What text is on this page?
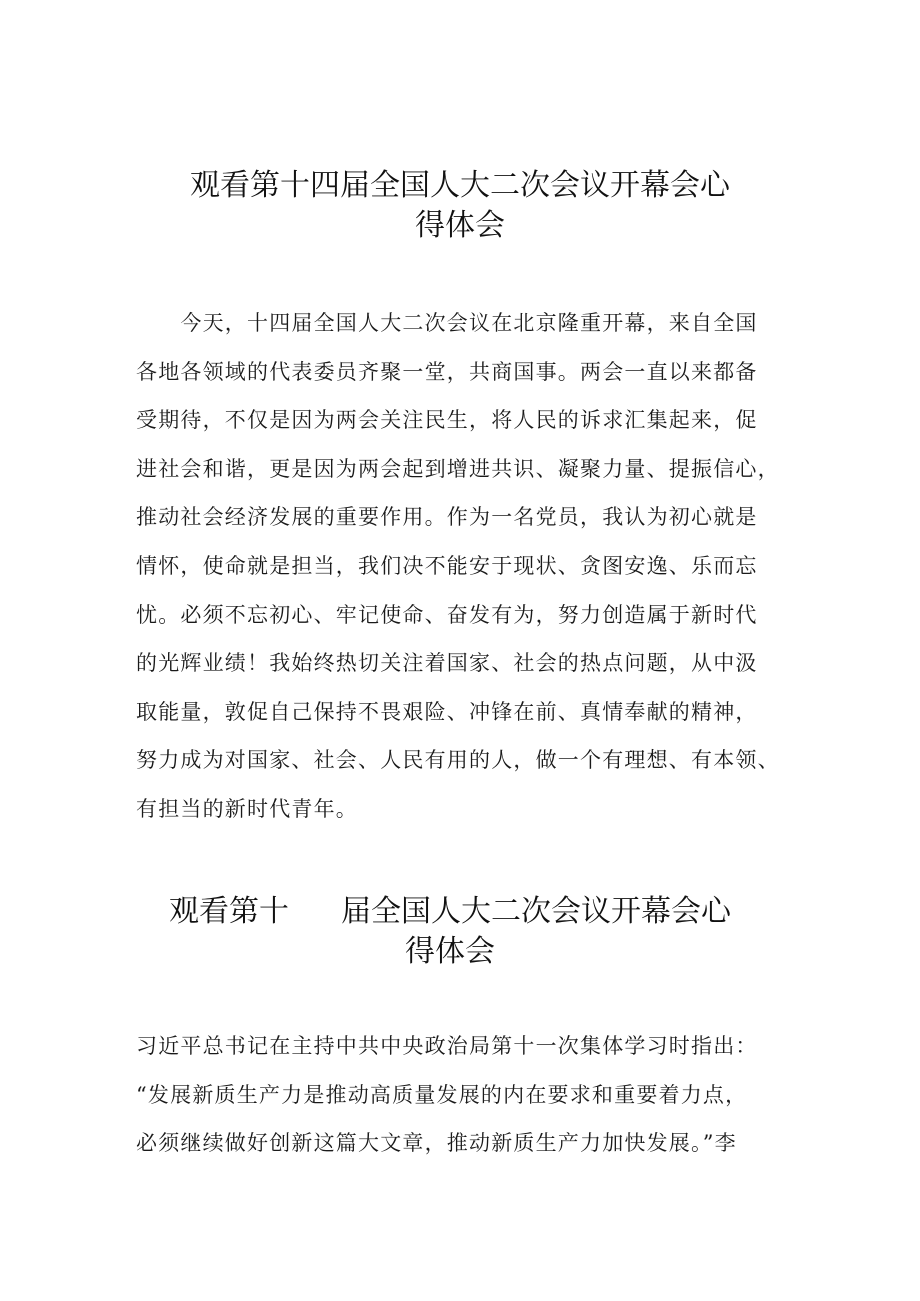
观看第十四届全国人大二次会议开幕会心
得体会
　　今天，十四届全国人大二次会议在北京隆重开幕，来自全国
各地各领域的代表委员齐聚一堂，共商国事。两会一直以来都备
受期待，不仅是因为两会关注民生，将人民的诉求汇集起来，促
进社会和谐，更是因为两会起到增进共识、凝聚力量、提振信心，
推动社会经济发展的重要作用。作为一名党员，我认为初心就是
情怀，使命就是担当，我们决不能安于现状、贪图安逸、乐而忘
忧。必须不忘初心、牢记使命、奋发有为，努力创造属于新时代
的光辉业绩！我始终热切关注着国家、社会的热点问题，从中汲
取能量，敦促自己保持不畏艰险、冲锋在前、真情奉献的精神，
努力成为对国家、社会、人民有用的人，做一个有理想、有本领、
有担当的新时代青年。
观看第十 届全国人大二次会议开幕会心
得体会
习近平总书记在主持中共中央政治局第十一次集体学习时指出：
“发展新质生产力是推动高质量发展的内在要求和重要着力点，
必须继续做好创新这篇大文章，推动新质生产力加快发展。”李
